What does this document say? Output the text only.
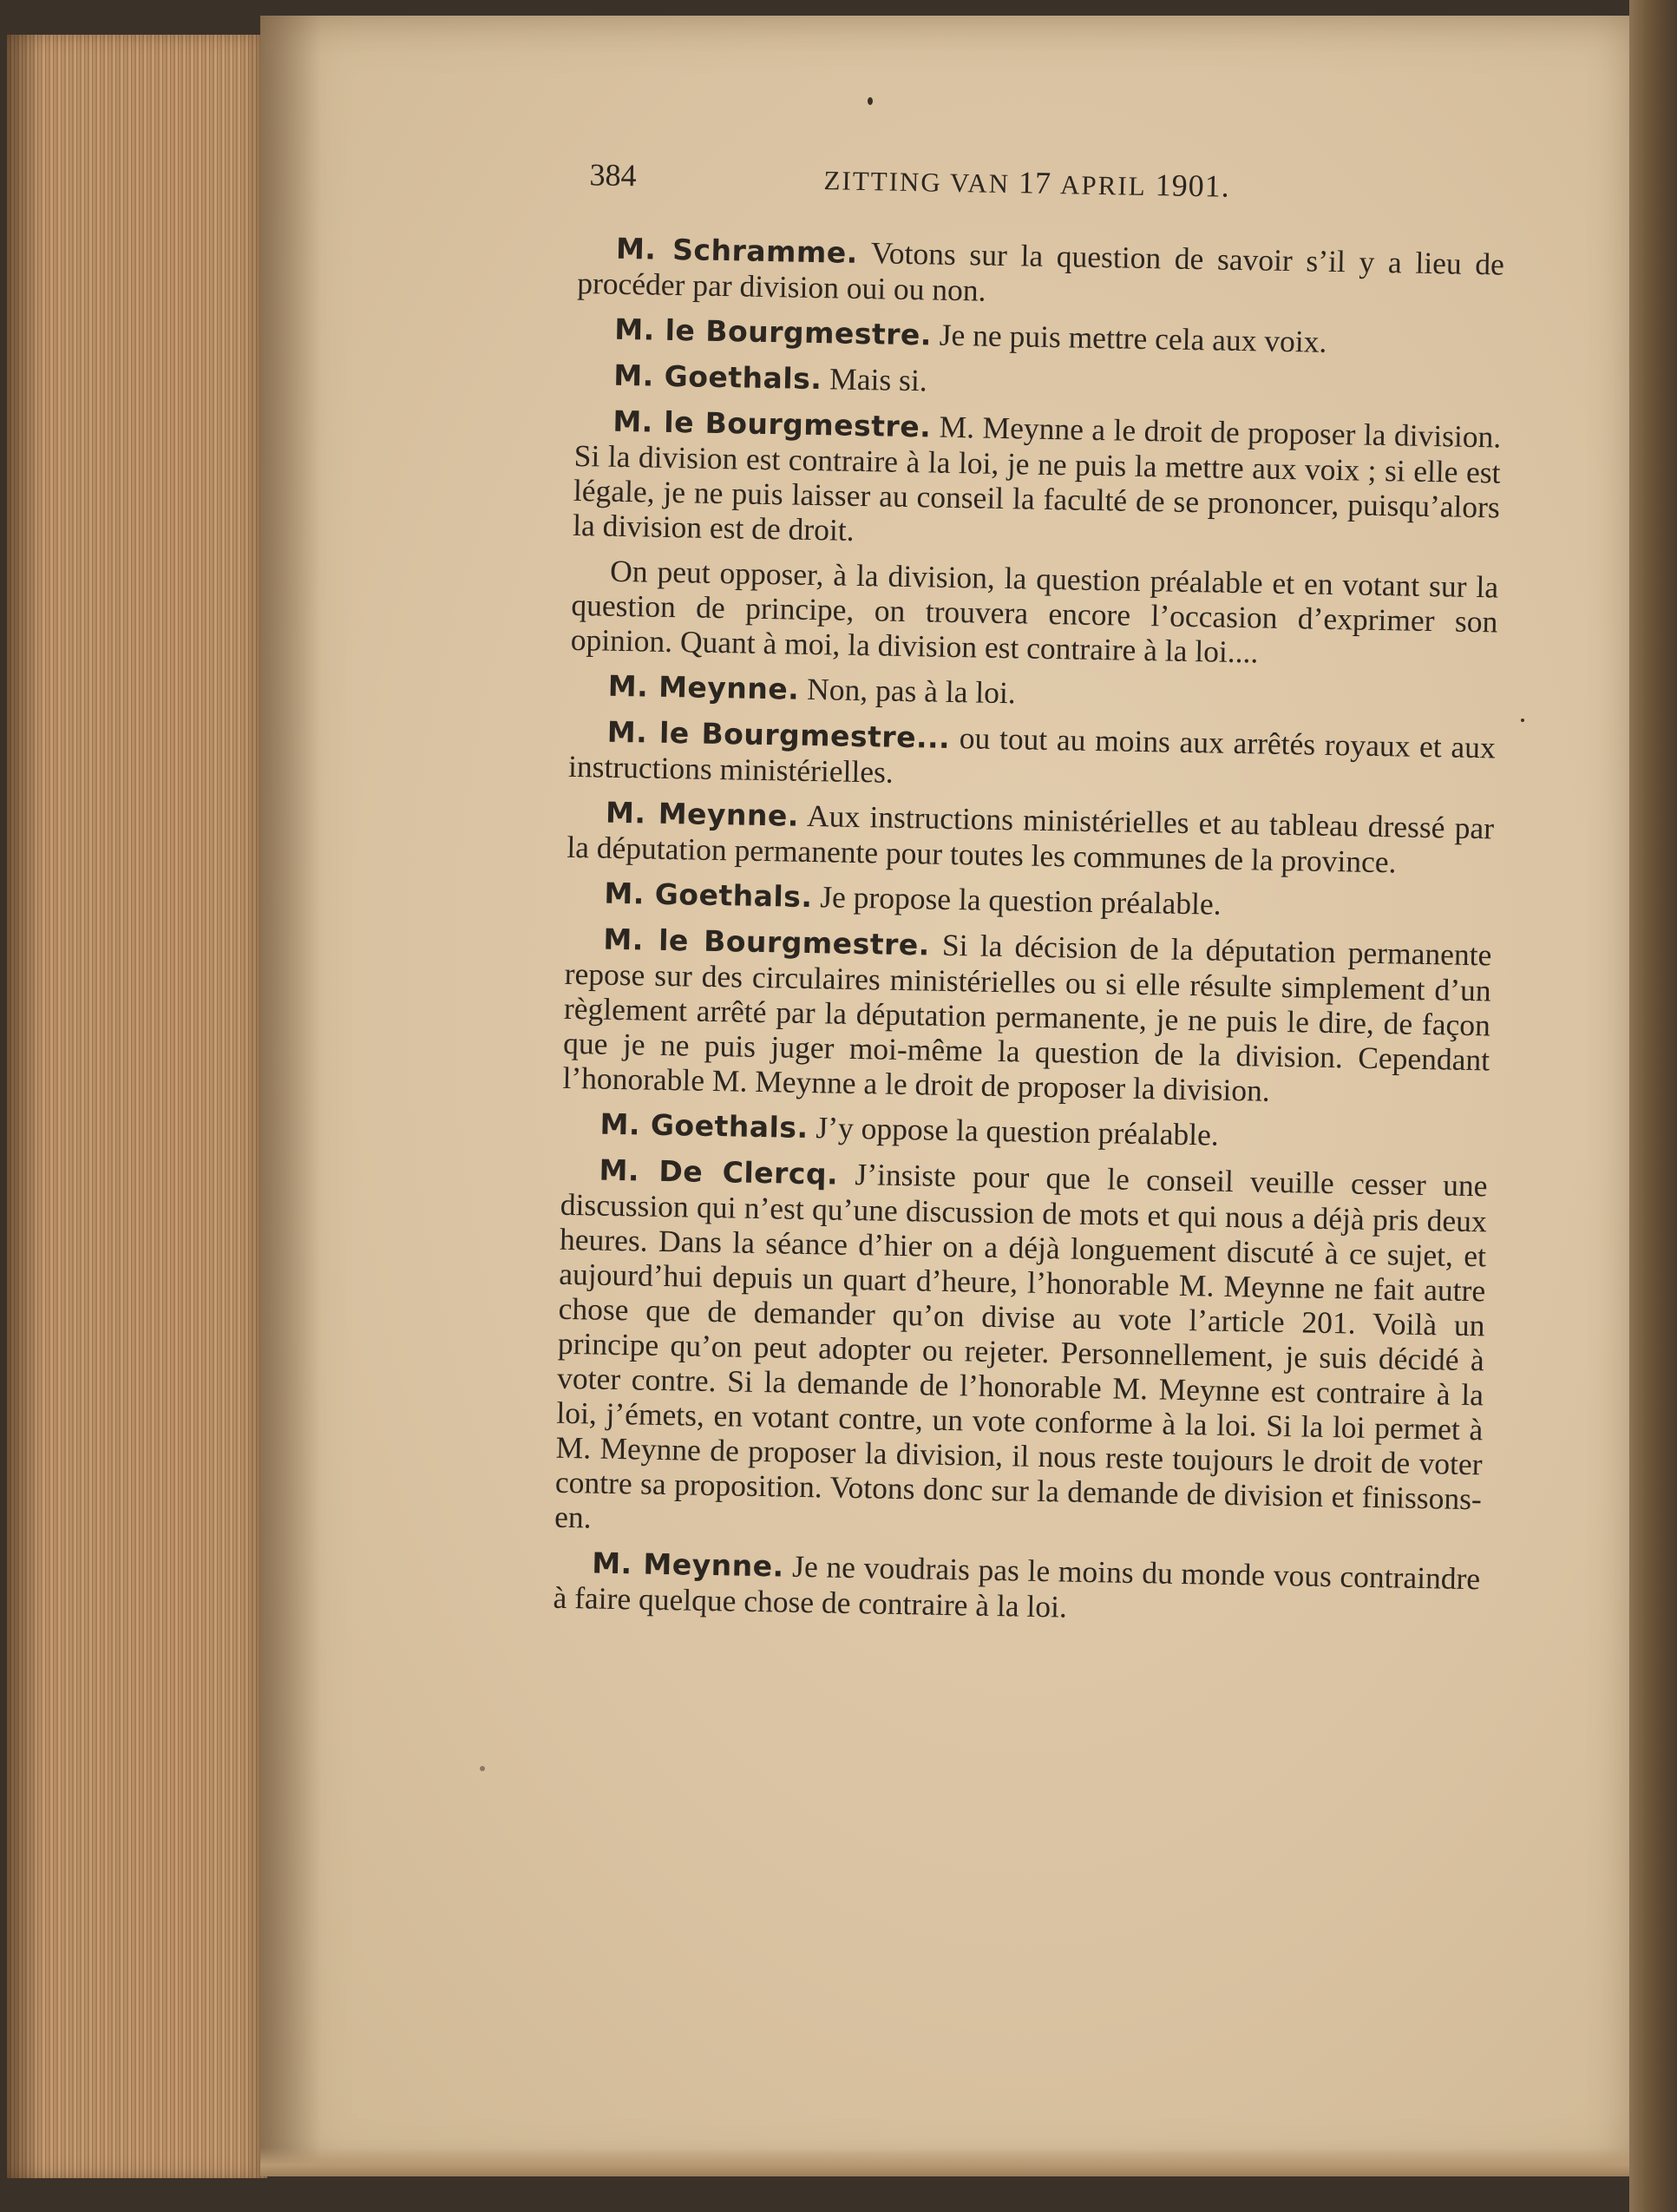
384	ZITTING VAN 17 APRIL 1901.

M. Schramme. Votons sur la question de savoir s’il y a lieu de procéder par division oui ou non.

M. le Bourgmestre. Je ne puis mettre cela aux voix.

M. Goethals. Mais si.

M. le Bourgmestre. M. Meynne a le droit de proposer la division. Si la division est contraire à la loi, je ne puis la mettre aux voix ; si elle est légale, je ne puis laisser au conseil la faculté de se prononcer, puisqu’alors la division est de droit.

On peut opposer, à la division, la question préalable et en votant sur la question de principe, on trouvera encore l’occasion d’exprimer son opinion. Quant à moi, la division est contraire à la loi....

M. Meynne. Non, pas à la loi.

M. le Bourgmestre... ou tout au moins aux arrêtés royaux et aux instructions ministérielles.

M. Meynne. Aux instructions ministérielles et au tableau dressé par la députation permanente pour toutes les communes de la province.

M. Goethals. Je propose la question préalable.

M. le Bourgmestre. Si la décision de la députation permanente repose sur des circulaires ministérielles ou si elle résulte simplement d’un règlement arrêté par la députation permanente, je ne puis le dire, de façon que je ne puis juger moi-même la question de la division. Cependant l’honorable M. Meynne a le droit de proposer la division.

M. Goethals. J’y oppose la question préalable.

M. De Clercq. J’insiste pour que le conseil veuille cesser une discussion qui n’est qu’une discussion de mots et qui nous a déjà pris deux heures. Dans la séance d’hier on a déjà longuement discuté à ce sujet, et aujourd’hui depuis un quart d’heure, l’honorable M. Meynne ne fait autre chose que de demander qu’on divise au vote l’article 201. Voilà un principe qu’on peut adopter ou rejeter. Personnellement, je suis décidé à voter contre. Si la demande de l’honorable M. Meynne est contraire à la loi, j’émets, en votant contre, un vote conforme à la loi. Si la loi permet à M. Meynne de proposer la division, il nous reste toujours le droit de voter contre sa proposition. Votons donc sur la demande de division et finissons-en.

M. Meynne. Je ne voudrais pas le moins du monde vous contraindre à faire quelque chose de contraire à la loi.
